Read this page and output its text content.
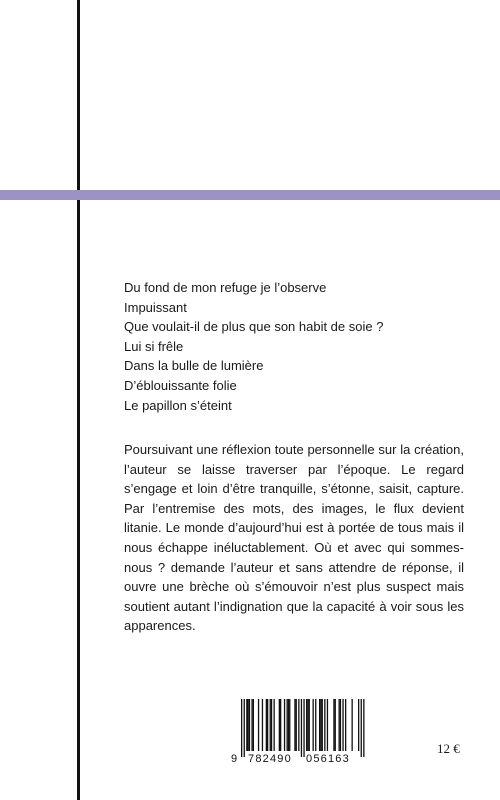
Du fond de mon refuge je l’observe
Impuissant
Que voulait-il de plus que son habit de soie ?
Lui si frêle
Dans la bulle de lumière
D’éblouissante folie
Le papillon s’éteint

Poursuivant une réflexion toute personnelle sur la création, l’auteur se laisse traverser par l’époque. Le regard s’engage et loin d’être tranquille, s’étonne, saisit, capture. Par l’entremise des mots, des images, le flux devient litanie. Le monde d’aujourd’hui est à portée de tous mais il nous échappe inéluctablement. Où et avec qui sommes-nous ? demande l’auteur et sans attendre de réponse, il ouvre une brèche où s’émouvoir n’est plus suspect mais soutient autant l’indignation que la capacité à voir sous les apparences.

9 782490 056163
12 €
